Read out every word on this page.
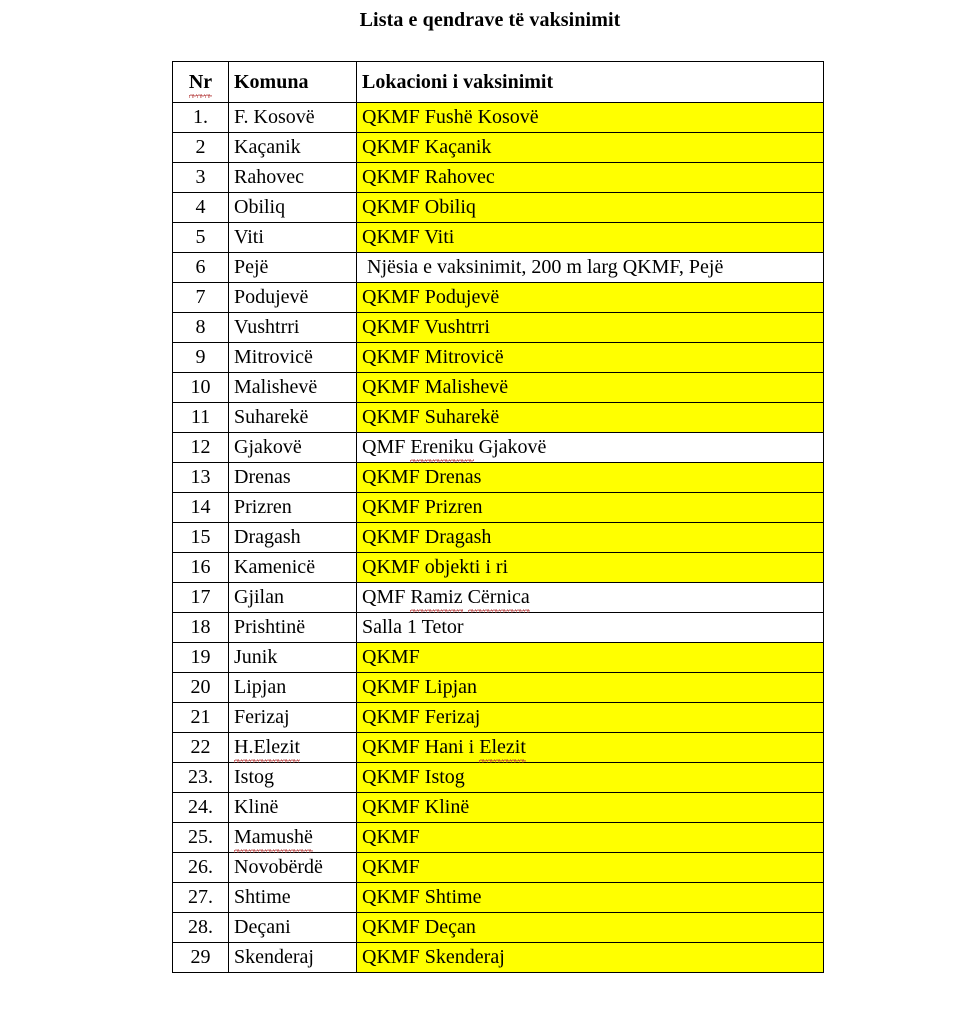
Lista e qendrave të vaksinimit
Nr	Komuna	Lokacioni i vaksinimit
1.	F. Kosovë	QKMF Fushë Kosovë
2	Kaçanik	QKMF Kaçanik
3	Rahovec	QKMF Rahovec
4	Obiliq	QKMF Obiliq
5	Viti	QKMF Viti
6	Pejë	Njësia e vaksinimit, 200 m larg QKMF, Pejë
7	Podujevë	QKMF Podujevë
8	Vushtrri	QKMF Vushtrri
9	Mitrovicë	QKMF Mitrovicë
10	Malishevë	QKMF Malishevë
11	Suharekë	QKMF Suharekë
12	Gjakovë	QMF Ereniku Gjakovë
13	Drenas	QKMF Drenas
14	Prizren	QKMF Prizren
15	Dragash	QKMF Dragash
16	Kamenicë	QKMF objekti i ri
17	Gjilan	QMF Ramiz Cërnica
18	Prishtinë	Salla 1 Tetor
19	Junik	QKMF
20	Lipjan	QKMF Lipjan
21	Ferizaj	QKMF Ferizaj
22	H.Elezit	QKMF Hani i Elezit
23.	Istog	QKMF Istog
24.	Klinë	QKMF Klinë
25.	Mamushë	QKMF
26.	Novobërdë	QKMF
27.	Shtime	QKMF Shtime
28.	Deçani	QKMF Deçan
29	Skenderaj	QKMF Skenderaj
